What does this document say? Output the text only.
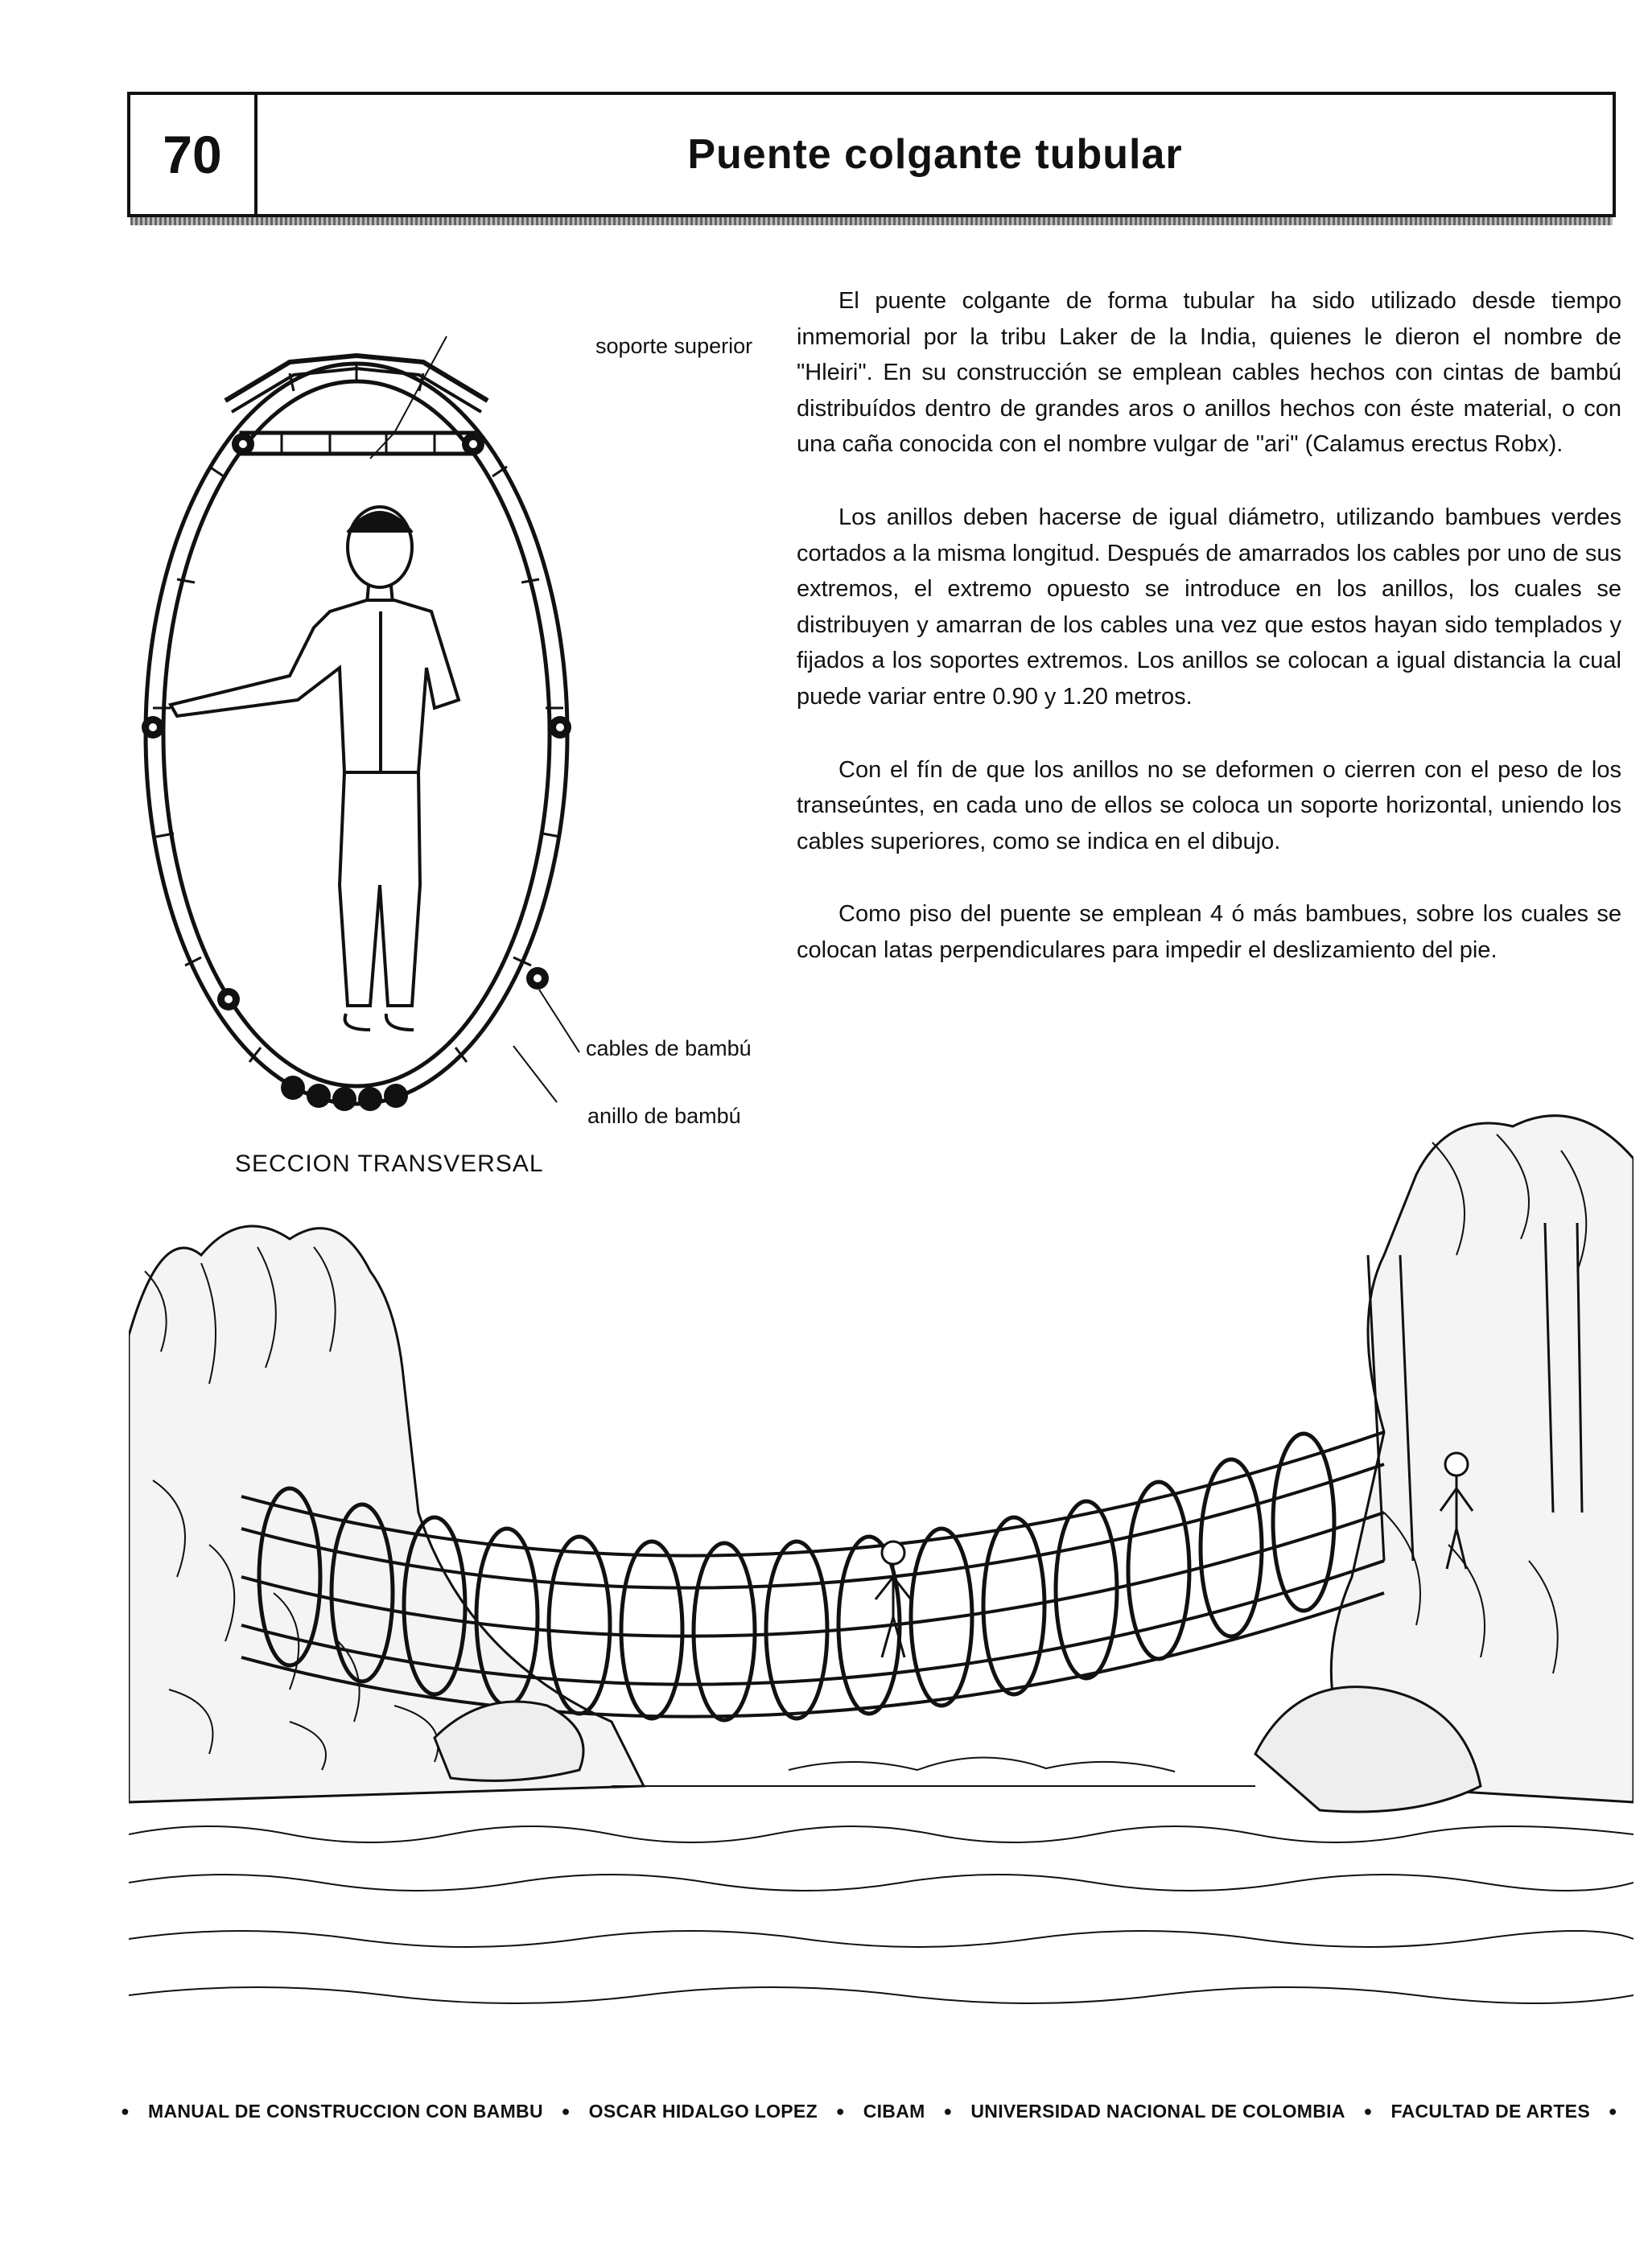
70	Puente colgante tubular
soporte superior
cables de bambú
anillo de bambú
SECCION TRANSVERSAL

El puente colgante de forma tubular ha sido utilizado desde tiempo inmemorial por la tribu Laker de la India, quienes le dieron el nombre de "Hleiri". En su construcción se emplean cables hechos con cintas de bambú distribuídos dentro de grandes aros o anillos hechos con éste material, o con una caña conocida con el nombre vulgar de "ari" (Calamus erectus Robx).

Los anillos deben hacerse de igual diámetro, utilizando bambues verdes cortados a la misma longitud. Después de amarrados los cables por uno de sus extremos, el extremo opuesto se introduce en los anillos, los cuales se distribuyen y amarran de los cables una vez que estos hayan sido templados y fijados a los soportes extremos. Los anillos se colocan a igual distancia la cual puede variar entre 0.90 y 1.20 metros.

Con el fín de que los anillos no se deformen o cierren con el peso de los transeúntes, en cada uno de ellos se coloca un soporte horizontal, uniendo los cables superiores, como se indica en el dibujo.

Como piso del puente se emplean 4 ó más bambues, sobre los cuales se colocan latas perpendiculares para impedir el deslizamiento del pie.

● MANUAL DE CONSTRUCCION CON BAMBU ● OSCAR HIDALGO LOPEZ ● CIBAM ● UNIVERSIDAD NACIONAL DE COLOMBIA ● FACULTAD DE ARTES ●
